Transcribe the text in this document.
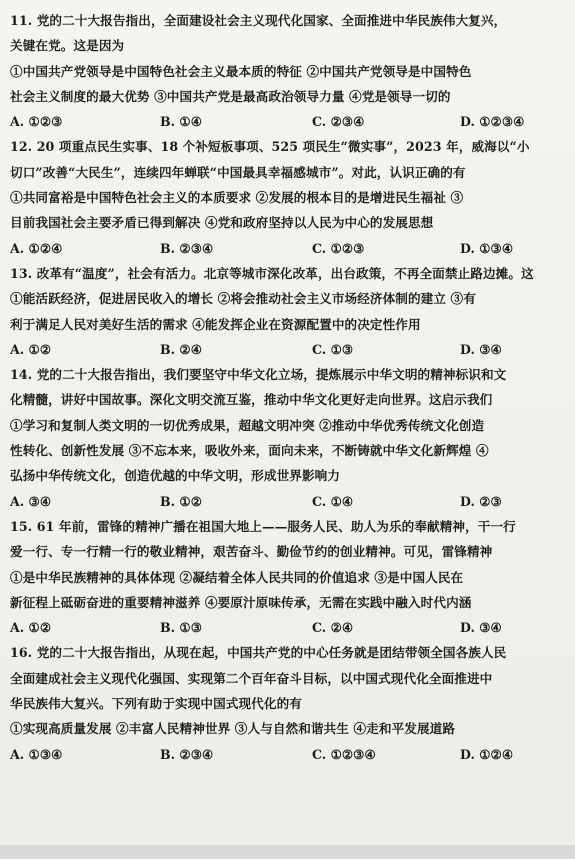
11. 党的二十大报告指出，全面建设社会主义现代化国家、全面推进中华民族伟大复兴，
关键在党。这是因为
①中国共产党领导是中国特色社会主义最本质的特征 ②中国共产党领导是中国特色
社会主义制度的最大优势 ③中国共产党是最高政治领导力量 ④党是领导一切的
A. ①②③	B. ①④	C. ②③④	D. ①②③④
12. 20 项重点民生实事、18 个补短板事项、525 项民生“微实事”，2023 年，威海以“小
切口”改善“大民生”，连续四年蝉联“中国最具幸福感城市”。对此，认识正确的有
①共同富裕是中国特色社会主义的本质要求 ②发展的根本目的是增进民生福祉 ③
目前我国社会主要矛盾已得到解决 ④党和政府坚持以人民为中心的发展思想
A. ①②④	B. ②③④	C. ①②③	D. ①③④
13. 改革有“温度”，社会有活力。北京等城市深化改革，出台政策，不再全面禁止路边摊。这
①能活跃经济，促进居民收入的增长 ②将会推动社会主义市场经济体制的建立 ③有
利于满足人民对美好生活的需求 ④能发挥企业在资源配置中的决定性作用
A. ①②	B. ②④	C. ①③	D. ③④
14. 党的二十大报告指出，我们要坚守中华文化立场，提炼展示中华文明的精神标识和文
化精髓，讲好中国故事。深化文明交流互鉴，推动中华文化更好走向世界。这启示我们
①学习和复制人类文明的一切优秀成果，超越文明冲突 ②推动中华优秀传统文化创造
性转化、创新性发展 ③不忘本来，吸收外来，面向未来，不断铸就中华文化新辉煌 ④
弘扬中华传统文化，创造优越的中华文明，形成世界影响力
A. ③④	B. ①②	C. ①④	D. ②③
15. 61 年前，雷锋的精神广播在祖国大地上——服务人民、助人为乐的奉献精神，干一行
爱一行、专一行精一行的敬业精神，艰苦奋斗、勤俭节约的创业精神。可见，雷锋精神
①是中华民族精神的具体体现 ②凝结着全体人民共同的价值追求 ③是中国人民在
新征程上砥砺奋进的重要精神滋养 ④要原汁原味传承，无需在实践中融入时代内涵
A. ①②	B. ①③	C. ②④	D. ③④
16. 党的二十大报告指出，从现在起，中国共产党的中心任务就是团结带领全国各族人民
全面建成社会主义现代化强国、实现第二个百年奋斗目标，以中国式现代化全面推进中
华民族伟大复兴。下列有助于实现中国式现代化的有
①实现高质量发展 ②丰富人民精神世界 ③人与自然和谐共生 ④走和平发展道路
A. ①③④	B. ②③④	C. ①②③④	D. ①②④
